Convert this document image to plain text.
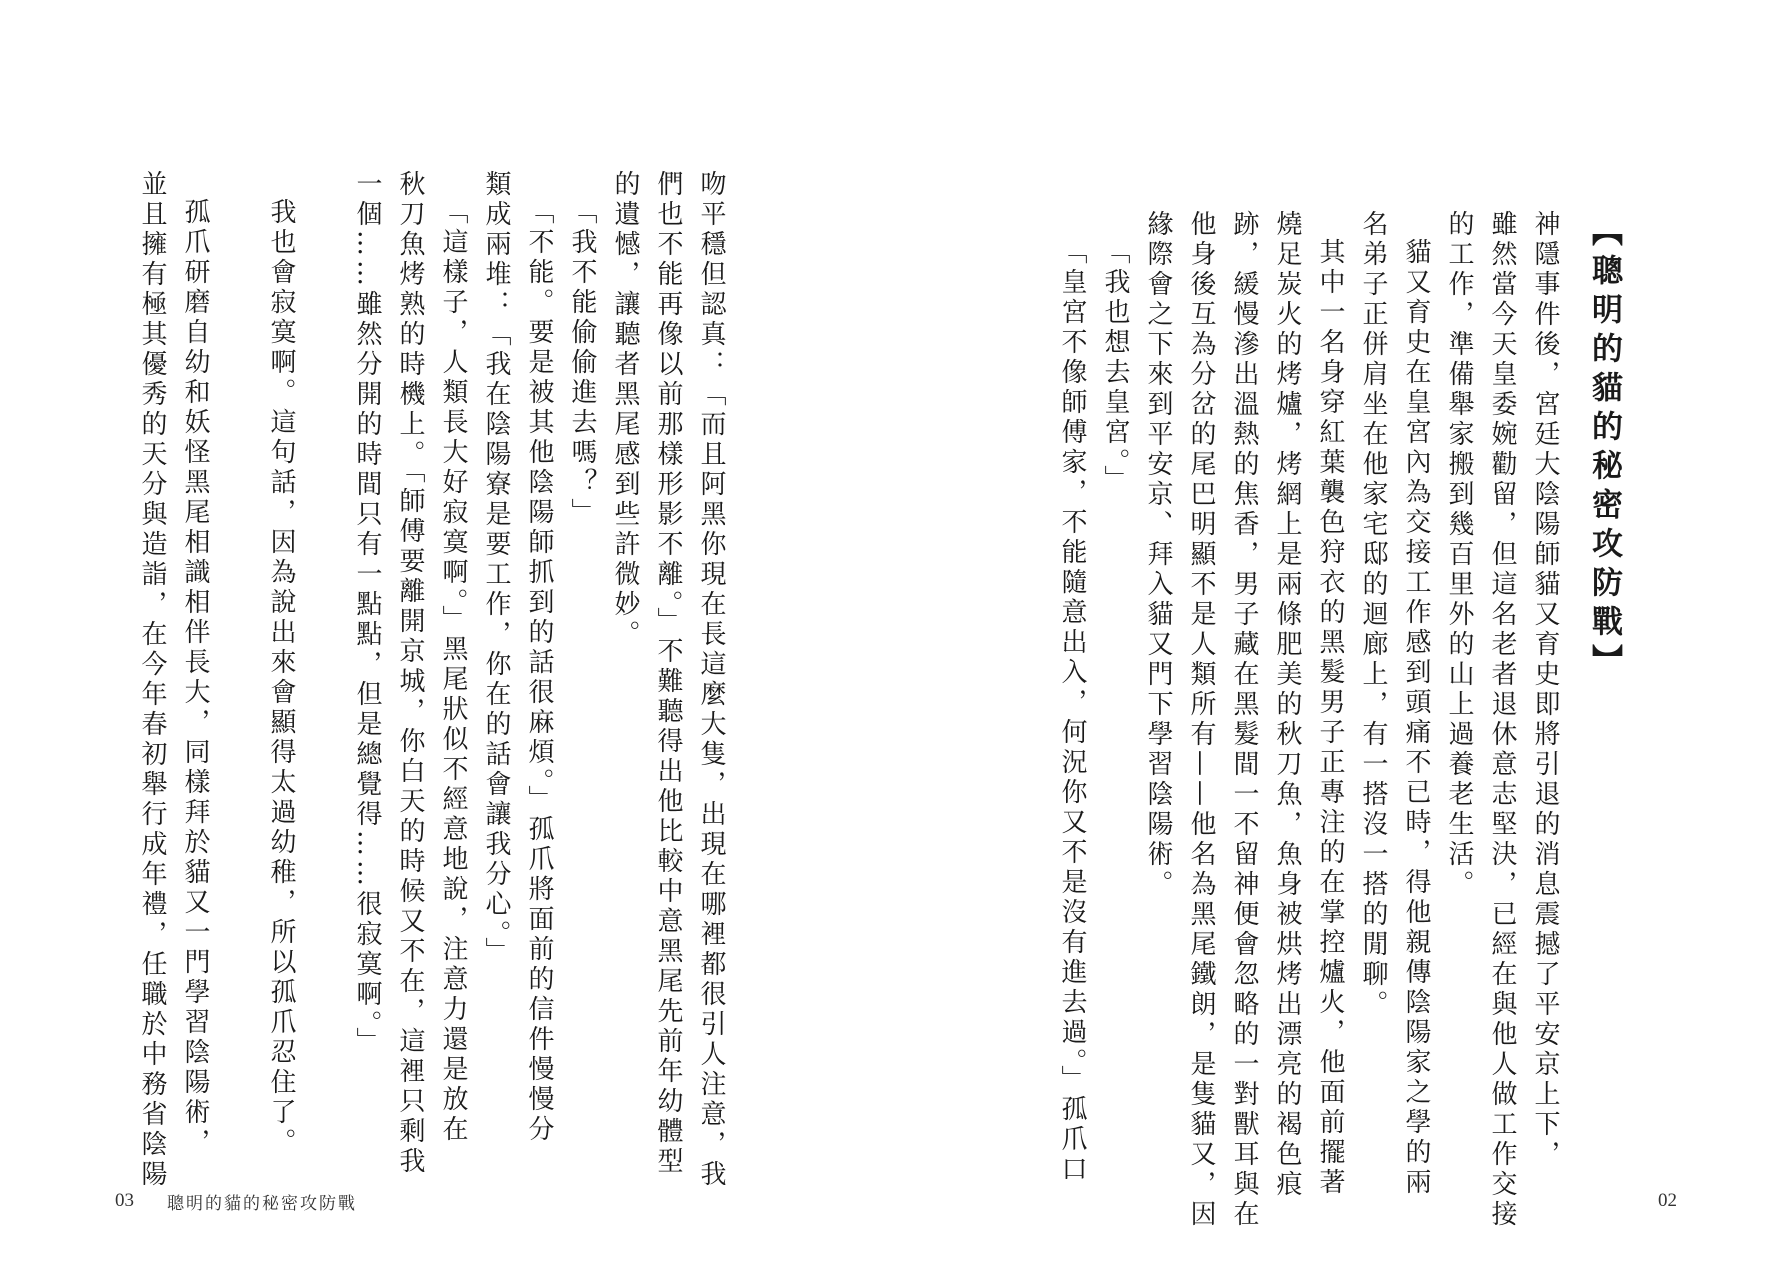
【聰明的貓的秘密攻防戰】
神隱事件後，宮廷大陰陽師貓又育史即將引退的消息震撼了平安京上下，
雖然當今天皇委婉勸留，但這名老者退休意志堅決，已經在與他人做工作交接
的工作，準備舉家搬到幾百里外的山上過養老生活。
貓又育史在皇宮內為交接工作感到頭痛不已時，得他親傳陰陽家之學的兩
名弟子正併肩坐在他家宅邸的迴廊上，有一搭沒一搭的閒聊。
其中一名身穿紅葉襲色狩衣的黑髮男子正專注的在掌控爐火，他面前擺著
燒足炭火的烤爐，烤網上是兩條肥美的秋刀魚，魚身被烘烤出漂亮的褐色痕
跡，緩慢滲出溫熱的焦香，男子藏在黑髮間一不留神便會忽略的一對獸耳與在
他身後互為分岔的尾巴明顯不是人類所有——他名為黑尾鐵朗，是隻貓又，因
緣際會之下來到平安京、拜入貓又門下學習陰陽術。
「我也想去皇宮。」
「皇宮不像師傅家，不能隨意出入，何況你又不是沒有進去過。」孤爪口
02
吻平穩但認真：「而且阿黑你現在長這麼大隻，出現在哪裡都很引人注意，我
們也不能再像以前那樣形影不離。」不難聽得出他比較中意黑尾先前年幼體型
的遺憾，讓聽者黑尾感到些許微妙。
「我不能偷偷進去嗎？」
「不能。要是被其他陰陽師抓到的話很麻煩。」孤爪將面前的信件慢慢分
類成兩堆：「我在陰陽寮是要工作，你在的話會讓我分心。」
「這樣子，人類長大好寂寞啊。」黑尾狀似不經意地說，注意力還是放在
秋刀魚烤熟的時機上。「師傅要離開京城，你白天的時候又不在，這裡只剩我
一個……雖然分開的時間只有一點點，但是總覺得……很寂寞啊。」

我也會寂寞啊。這句話，因為說出來會顯得太過幼稚，所以孤爪忍住了。

孤爪研磨自幼和妖怪黑尾相識相伴長大，同樣拜於貓又一門學習陰陽術，
並且擁有極其優秀的天分與造詣，在今年春初舉行成年禮，任職於中務省陰陽
03 聰明的貓的秘密攻防戰
